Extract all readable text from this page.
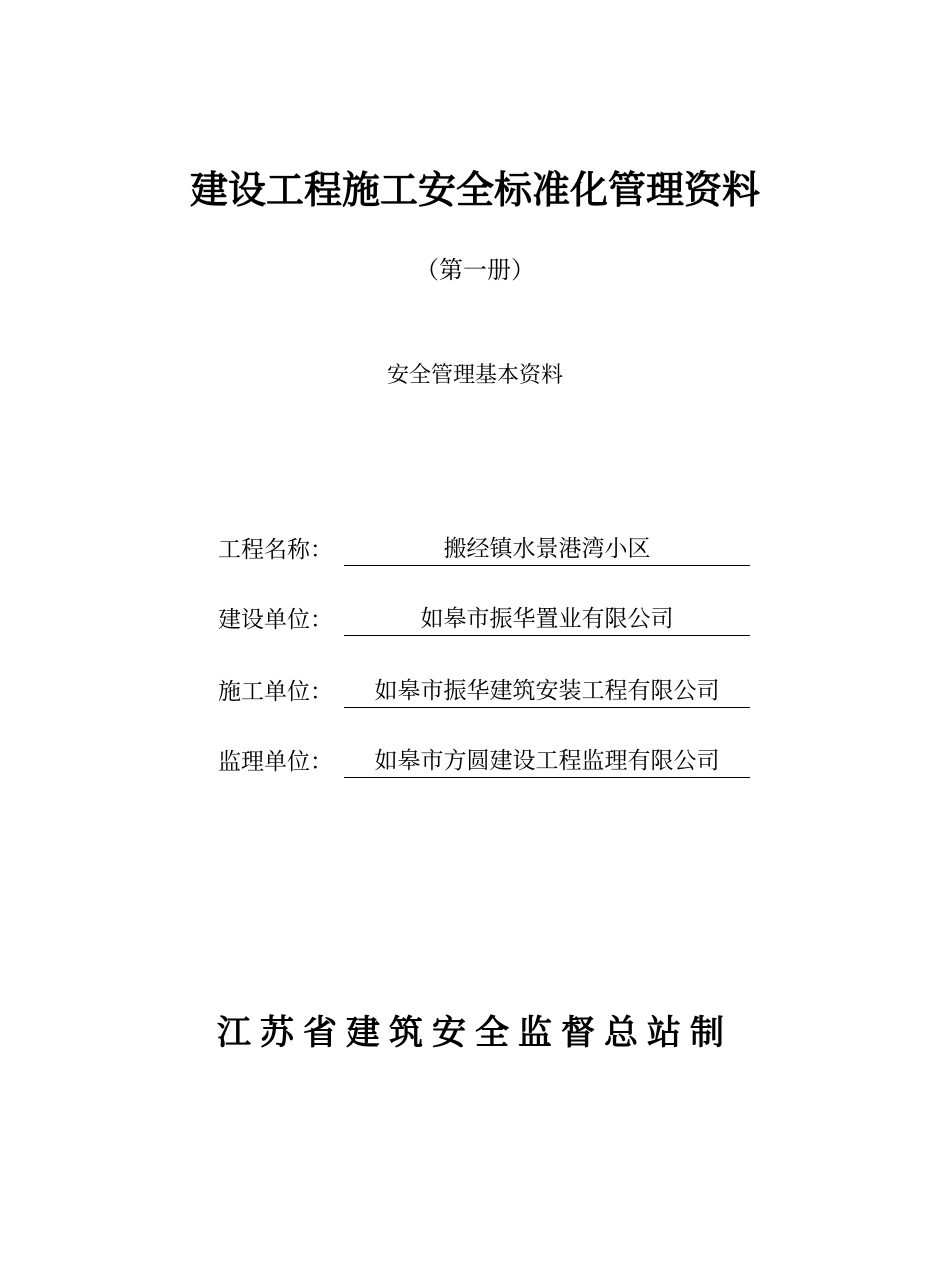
建设工程施工安全标准化管理资料
（第一册）
安全管理基本资料
工程名称：	搬经镇水景港湾小区
建设单位：	如皋市振华置业有限公司
施工单位：	如皋市振华建筑安装工程有限公司
监理单位：	如皋市方圆建设工程监理有限公司
江苏省建筑安全监督总站制
